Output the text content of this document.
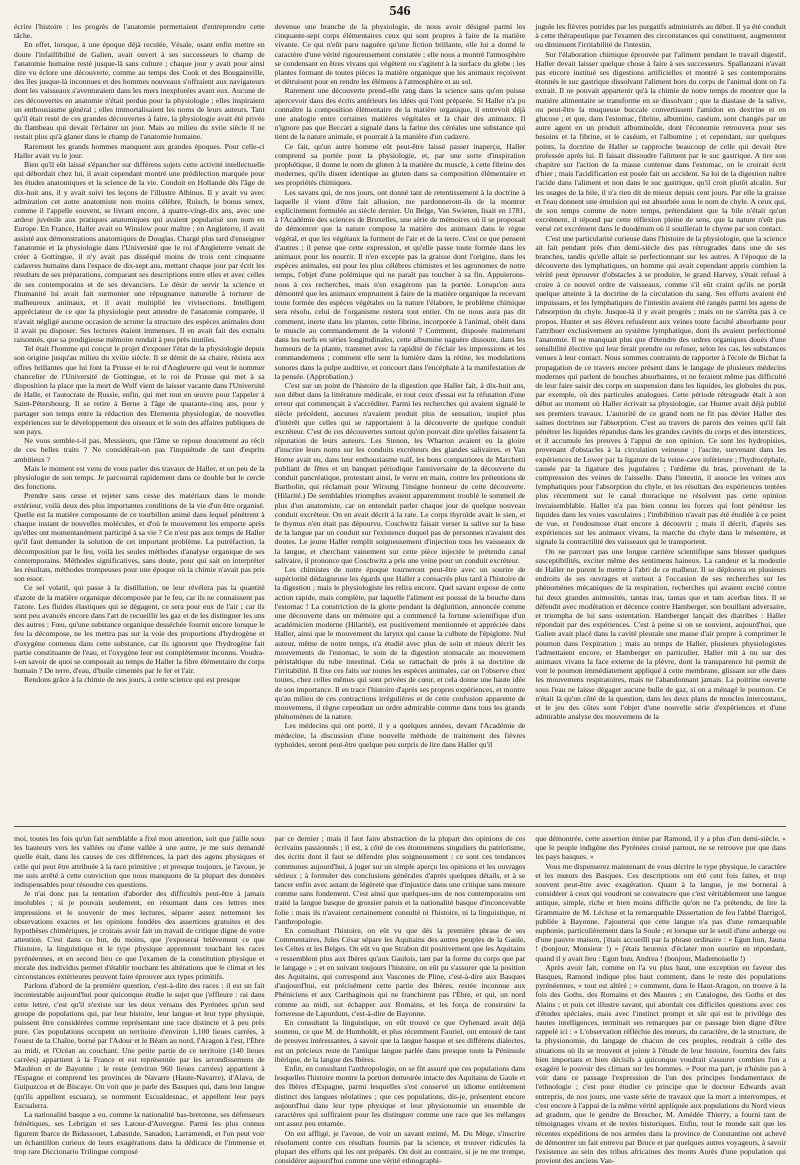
546

écrire l'histoire : les progrès de l'anatomie permettaient d'entreprendre cette tâche.

En effet, lorsque, à une époque déjà reculée, Vésale, osant enfin mettre en doute l'infaillibilité de Galien, avait ouvert à ses successeurs le champ de l'anatomie humaine resté jusque-là sans culture ; chaque jour y avait pour ainsi dire vu éclore une découverte, comme au temps des Cook et des Bougainville, des îles jusque-là inconnues et des hommes nouveaux s'offraient aux navigateurs dont les vaisseaux s'aventuraient dans les mers inexplorées avant eux. Aucune de ces découvertes en anatomie n'était perdue pour la physiologie ; elles inspiraient un enthousiasme général ; elles immortalisaient les noms de leurs auteurs. Tant qu'il était resté de ces grandes découvertes à faire, la physiologie avait été privée du flambeau qui devait l'éclairer un jour. Mais au milieu du xviie siècle il ne restait plus qu'à glaner dans le champ de l'anatomie humaine.

Rarement les grands hommes manquent aux grandes époques. Pour celle-ci Haller avait vu le jour.

Bien qu'il eût laissé s'épancher sur différens sujets cette activité intellectuelle qui débordait chez lui, il avait cependant montré une prédilection marquée pour les études anatomiques et la science de la vie. Conduit en Hollande dès l'âge de dix-huit ans, il y avait suivi les leçons de l'illustre Albinus. Il y avait vu avec admiration cet autre anatomiste non moins célèbre, Ruisch, le bonus senex, comme il l'appelle souvent, se livrant encore, à quatre-vingt-dix ans, avec une ardeur juvénile aux pratiques anatomiques qui avaient popularisé son nom en Europe. En France, Haller avait eu Winslow pour maître ; en Angleterre, il avait assisté aux démonstrations anatomiques de Douglas. Chargé plus tard d'enseigner l'anatomie et la physiologie dans l'Université que le roi d'Angleterre venait de créer à Gottingue, il n'y avait pas disséqué moins de trois cent cinquante cadavres humains dans l'espace de dix-sept ans, mettant chaque jour par écrit les résultats de ses préparations, comparant ses descriptions entre elles et avec celles de ses contemporains et de ses devanciers. Le désir de servir la science et l'humanité lui avait fait surmonter une répugnance naturelle à torturer de malheureux animaux, et il avait multiplié les vivisections. Intelligent appréciateur de ce que la physiologie peut attendre de l'anatomie comparée, il n'avait négligé aucune occasion de scruter la structure des espèces animales dont il avait pu disposer. Ses lectures étaient immenses. Il en avait fait des extraits raisonnés, que sa prodigieuse mémoire rendait à peu près inutiles.

Tel était l'homme qui conçut le projet d'exposer l'état de la physiologie depuis son origine jusqu'au milieu du xviiie siècle. Il se démit de sa chaire, résista aux offres brillantes que lui font la Prusse et le roi d'Angleterre qui veut le nommer chancelier de l'Université de Gottingue, et le roi de Prusse qui met à sa disposition la place que la mort de Wolf vient de laisser vacante dans l'Université de Halle, et l'autocrate de Russie, enfin, qui met tout en œuvre pour l'appeler à Saint-Pétersbourg. Il se retire à Berne à l'âge de quarante-cinq ans, pour y partager son temps entre la rédaction des Elementa physiologiæ, de nouvelles expériences sur le développement des oiseaux et le soin des affaires publiques de son pays.

Ne vous semble-t-il pas, Messieurs, que l'âme se repose doucement au récit de ces belles traits ? Ne considérait-on pas l'inquiétude de tant d'esprits ambitieux ?

Mais le moment est venu de vous parler des travaux de Haller, et un peu de la physiologie de son temps. Je parcourrai rapidement dans ce double but le cercle des fonctions.

Prendre sans cesse et rejeter sans cesse des matériaux dans le monde extérieur, voilà deux des plus importantes conditions de la vie d'un être organisé. Quelle est la matière composante de ce tourbillon animé dans lequel pénètrent à chaque instant de nouvelles molécules, et d'où le mouvement les emporte après qu'elles ont momentanément participé à sa vie ? Ce n'est pas aux temps de Haller qu'il faut demander la solution de cet important problème. La putréfaction, la décomposition par le feu, voilà les seules méthodes d'analyse organique de ses contemporains. Méthodes significatives, sans doute, pour qui sait en interpréter les résultats, méthodes trompeuses pour une époque où la chimie n'avait pas pris son essor.

Ce sel volatil, qui passe à la distillation, ne leur révélera pas la quantité d'azote de la matière organique décomposée par le feu, car ils ne connaissent pas l'azote. Les fluides élastiques qui se dégagent, ce sera pour eux de l'air ; car ils sont peu avancés encore dans l'art de recueillir les gaz et de les distinguer les uns des autres ; Fœu, qu'une substance organique desséchée fournit encore lorsque le feu la décompose, ne les mettra pas sur la voie des proportions d'hydrogène et d'oxygène contenus dans cette substance, car ils ignorent que l'hydrogène fait partie constituante de l'eau, et l'oxygène leur est complètement inconnu. Voudra-t-on savoir de quoi se composait au temps de Haller la fibre élémentaire du corps humain ? De terre, d'eau, d'huile cimentés par le fer et l'air.

Rendons grâce à la chimie de nos jours, à cette science qui est presque

devenue une branche de la physiologie, de nous avoir désigné parmi les cinquante-sept corps élémentaires ceux qui sont propres à faire de la matière vivante. Ce qui n'eût paru naguère qu'une fiction brillante, elle lui a donné le caractère d'une vérité rigoureusement constatée ; elle nous a montré l'atmosphère se condensant en êtres vivans qui végètent ou s'agitent à la surface du globe ; les plantes formant de toutes pièces la matière organique que les animaux reçoivent et détruisent pour en rendre les élémens à l'atmosphère et au sol.

Rarement une découverte prend-elle rang dans la science sans qu'on puisse apercevoir dans des écrits antérieurs les idées qui l'ont préparée. Si Haller n'a pu connaître la composition élémentaire de la matière organique, il entrevoit déjà une analogie entre certaines matières végétales et la chair des animaux. Il n'ignore pas que Beccari a signalé dans la farine des céréales une substance qui tient de la nature animale, et pourrait à la manière d'un cadavre.

Ce fait, qu'un autre homme eût peut-être laissé passer inaperçu, Haller comprend sa portée pour la physiologie, et, par une sorte d'inspiration prophétique, il donne le nom de gluten à la matière du muscle, à cette fibrine des modernes, qu'ils disent identique au gluten dans sa composition élémentaire et ses propriétés chimiques.

Les savans qui, de nos jours, ont donné tant de retentissement à la doctrine à laquelle il vient d'être fait allusion, me pardonneront-ils de la montrer explicitement formulée au siècle dernier. Un Belge, Van Swieten, lisait en 1781, à l'Académie des sciences de Bruxelles, une série de mémoires où il se proposait de démontrer que la nature compose la matière des animaux dans le règne végétal, et que les végétaux la forment de l'air et de la terre. C'est ce que pensent d'autres ; il pense que cette expression, et qu'elle passe toute formée dans les animaux pour les nourrir. Il n'en excepte pas la graisse dont l'origine, dans les espèces animales, est pour les plus célèbres chimistes et les agronomes de notre temps, l'objet d'une polémique qui ne paraît pas toucher à sa fin. Appuierons-nous à ces recherches, mais n'en exagérons pas la portée. Lorsqu'on aura démontré que les animaux empruntent à faire de la matière organique la recevant toute formée des espèces végétales ou la nature l'élabore, le problème chimique sera résolu, celui de l'organisme restera tout entier. On ne nous aura pas dit comment, inerte dans les plantes, cette fibrine, incorporée à l'animal, obéit dans le muscle au commandement de la volonté ? Comment, disposée maintenant dans les nerfs en séries longitudinales, cette albumine naguère dissoute, dans les humeurs de la plante, transmet avec la rapidité de l'éclair les impressions et les commandemens ; comment elle sent la lumière dans la rétine, les modulations sonores dans la pulpe auditive, et concourt dans l'encéphale à la manifestation de la pensée. (Approbation.)

C'est sur un point de l'histoire de la digestion que Haller fait, à dix-huit ans, son début dans la littérature médicale, et tout ceux d'essai est la réfutation d'une erreur qui commençait à s'accréditer. Parmi les recherches qui avaient signalé le siècle précédent, aucunes n'avaient produit plus de sensation, inspiré plus d'intérêt que celles qui se rapportaient à la découverte de quelque conduit excréteur. C'est de ces découvertes surtout qu'on pouvait dire qu'elles faisaient la réputation de leurs auteurs. Les Stenon, les Wharton avaient eu la gloire d'inscrire leurs noms sur les conduits excréteurs des glandes salivaires, et Van Horne avait eu, dans leur enthousiasme naïf, les bons compatriotes de Marchetti publiant de fêtes et un banquet périodique l'anniversaire de la découverte du conduit pancréatique, protestant ainsi, le verre en main, contre les prétentions de Bartholin, qui réclamait pour Wirsung l'insigne honneur de cette découverte. (Hilarité.) De semblables triomphes avaient apparemment troublé le sommeil de plus d'un anatomiste, car on entendait parler chaque jour de quelque nouveau conduit excréteur. On en avait décrit à la rate. Le corps thyroïde avait le sien, et le thymus n'en était pas dépourvu. Coschwitz faisait verser la salive sur la base de la langue par un conduit sur l'existence duquel pas de personnes n'avaient des doutes. Le jeune Haller remplit soigneusement d'injection tous les vaisseaux de la langue, et cherchant vainement sur cette pièce injectée le prétendu canal salivaire, il prononce que Coschwitz a pris une veine pour un conduit excréteur.

Les chimistes de notre époque tourneront peut-être avec un sourire de supériorité dédaigneuse les égards que Haller a consacrés plus tard à l'histoire de la digestion ; mais le physiologiste les relira encore. Quel savant expose de cette action rapide, mais complète, par laquelle l'aliment est poussé de la bouche dans l'estomac ! La constriction de la glotte pendant la déglutition, annoncée comme une découverte dans un mémoire qui a commencé la fortune scientifique d'un académicien moderne (Hilarité), est positivement mentionnée et appréciée dans Haller, ainsi que le mouvement du larynx qui cause la culbute de l'épiglotte. Nul auteur, même de notre temps, n'a étudié avec plus de soin et mieux décrit les mouvements de l'estomac, le soin de la digestion stomacale au mouvement péristaltique du tube intestinal. Cela se rattachait de près à sa doctrine de l'irritabilité. Il fixe ces faits sur toutes les espèces animales, car on l'observe chez toutes, chez celles mêmes qui sont privées de cœur, et cela donne une haute idée de son importance. Il en trace l'histoire d'après ses propres expériences, et montre qu'au milieu de ces contractions irrégulières et de cette confusion apparente de mouvemens, il règne cependant un ordre admirable comme dans tous les grands phénomènes de la nature.

Les médecins qui ont porté, il y a quelques années, devant l'Académie de médecine, la discussion d'une nouvelle méthode de traitement des fièvres typhoïdes, seront peut-être quelque peu surpris de lire dans Haller qu'il

jugule les fièvres putrides par les purgatifs administrés au début. Il ya été conduit à cette thérapeutique par l'examen des circonstances qui constituent, augmentent ou diminuent l'irritabilité de l'intestin.

Sur l'élaboration chimique éprouvée par l'aliment pendant le travail digestif, Haller devait laisser quelque chose à faire à ses successeurs. Spallanzani n'avait pas encore institué ses digestions artificielles et montré à ses contemporains étonnés le suc gastrique dissolvant l'aliment hors du corps de l'animal dont on l'a extrait. Il ne pouvait appartenir qu'à la chimie de notre temps de montrer que la matière alimentaire se transforme en se dissolvant ; que la diastase de la salive, ou peut-être la muqueuse buccale convertissent l'amidon en dextrine et en glucose ; et que, dans l'estomac, fibrine, albumine, caséum, sont changés par un autre agent en un produit albuminoïde, dont l'économie retrouvera pour ses besoins et la fibrine, et le caséum, et l'albumine ; et cependant, sur quelques points, la doctrine de Haller se rapproche beaucoup de celle qui devait être professée après lui. Il faisait dissoudre l'aliment par le suc gastrique. A tire son chapitre sur l'action de la masse contenue dans l'estomac, on le croirait écrit d'hier ; mais l'acidification est posée fait un accident. Sa loi de la digestion naître l'acide dans l'aliment et non dans le suc gastrique, qu'il croit plutôt alcalin. Sur les usages de la bile, il n'a rien dit de mieux depuis cent jours. Par elle la graisse et l'eau donnent une émulsion qui est absorbée sous le nom de chyle. A ceux qui, de son temps comme de notre temps, prétendaient que la bile n'était qu'un excrément, il répond par cette réflexion pleine de sens, que la nature n'eût pas versé cet excrément dans le duodénum où il souillerait le chyme par son contact.

C'est une particularité curieuse dans l'histoire de la physiologie, que la science ait fait pendant près d'un demi-siècle des pas rétrogrades dans une de ses branches, tandis qu'elle allait se perfectionnant sur les autres. A l'époque de la découverte des lymphatiques, un homme qui avait cependant appris combien la vérité peut éprouver d'obstacles à se produire, le grand Harvey, s'était refusé à croire à ce nouvel ordre de vaisseaux, comme s'il eût craint qu'ils ne portât quelque atteinte à la doctrine de la circulation du sang. Ses efforts avaient été impuissans, et les lymphatiques de l'intestin avaient été rangés parmi les agens de l'absorption du chyle. Jusque-là il y avait progrès ; mais on ne s'arrêta pas à ce propos. Hunter et ses élèves refusèrent aux veines toute faculté absorbante pour l'attribuer exclusivement au système lymphatique, dont ils avaient perfectionné l'anatomie. Il ne manquait plus que d'étendre des ordres organiques doués d'une sensibilité élective qui leur ferait prendre ou refuser, selon les cas, les substances venues à leur contact. Nous sommes contraints de rapporter à l'école de Bichat la propagation de ce travers encore présent dans le langage de plusieurs médecins modernes qui parlent de bouches absorbantes, et ne feraient même pas difficulté de leur faire saisir des corps en suspension dans les liquides, les globules du pus, par exemple, où des particules analogues. Cette période rétrograde était à son début au moment où Haller écrivait sa physiologie, car Hunter avait déjà publié ses premiers travaux. L'autorité de ce grand nom ne fit pas dévier Haller des saines doctrines sur l'absorption. C'est au travers de parois des veines qu'il fait pénétrer les liquides répandus dans les grandes cavités du corps et des interstices, et il accumule les preuves à l'appui de son opinion. Ce sont les hydropisies, provenant d'obstacles à la circulation veineuse ; l'ascite, survenant dans les expériences de Lower par la ligature de la veine-cave inférieure ; l'hydrocéphale, causée par la ligature des jugulaires ; l'œdème du bras, provenant de la compression des veines de l'aisselle. Dans l'intestin, il associe les veines aux lymphatiques pour l'absorption du chyle, et les résultats des expériences tentées plus récemment sur le canal thoracique ne résolvent pas cette opinion invraisemblable. Haller n'a pas bien connu les forces qui font pénétrer les liquides dans les voies vasculaires ; l'imbibition n'avait pas été étudiée à ce point de vue, et l'endosmose était encore à découvrir ; mais il décrit, d'après ses expériences sur les animaux vivans, la marche du chyle dans le mésentère, et signale la contractilité des vaisseaux qui le transportent.

On ne parcourt pas une longue carrière scientifique sans blesser quelques susceptibilités, exciter même des sentimens haineux. La candeur et la modestie de Haller ne purent le mettre à l'abri de ce malheur. Il se déplorera en plusieurs endroits de ses ouvrages et surtout à l'occasion de ses recherches sur les phénomènes mécaniques de la respiration, recherches qui avaient excité contre lui deux grandes animosités, tantas iras, tantas que et tam acerbas lites. Il se défendit avec modération et décence contre Hamberger, son bouillant adversaire, et triompha de lui sans ostentation. Hamberger lançait des diatribes : Haller répondait par des expériences. C'est à peine si on se souvient, aujourd'hui, que Galien avait placé dans la cavité pleurale une masse d'air propre à comprimer le poumon dans l'expiration ; mais au temps de Haller, plusieurs physiologistes l'admettaient encore, et Hamberger en particulier. Haller mit à nu sur des animaux vivans la face externe de la plèvre, dont la transparence lui permit de voir le poumon immédiatement appliqué à cette membrane, glissant sur elle dans les mouvemens respiratoires, mais ne l'abandonnant jamais. La poitrine ouverte sous l'eau ne laisse dégager aucune bulle de gaz, si on a ménagé le poumon. Ce n'était là qu'un côté de la question, dans les deux plans de muscles intercostaux, et le jeu des côtes sont l'objet d'une nouvelle série d'expériences et d'une admirable analyse des mouvemens de la

moi, toutes les fois qu'un fait semblable a fixé mon attention, soit que j'aille sous les hauteurs vers les vallées ou d'une vallée à une autre, je me suis demandé quelle était, dans les causes de ces différences, la part des agens physiques et celle qui peut être attribuée à la race primitive ; et presque toujours, je l'avoue, je me suis arrêté à cette conviction que nous manquons de la plupart des données indispensables pour résoudre ces questions.

Je n'ai donc pas la tentation d'aborder des difficultés peut-être à jamais insolubles ; si je pouvais seulement, en résumant dans ces lettres mes impressions et le souvenir de mes lectures, séparer assez nettement les observations exactes et les opinions fondées des assertions gratuites et des hypothèses chimériques, je croirais avoir fait un travail de critique digne de votre attention. C'est dans ce but, du moins, que j'exposerai brièvement ce que l'histoire, la linguistique et le type physique apprennent touchant les races pyrénéennes, et en second lieu ce que l'examen de la constitution physique et morale des individus permet d'établir touchant les altérations que le climat et les circonstances extérieures peuvent faire éprouver aux types primitifs.

Parlons d'abord de la première question, c'est-à-dire des races : il est un fait incontestable aujourd'hui pour quiconque étudie le sujet que j'effleure : rai dans cette lettre, c'est qu'il n'existe sur les deux versans des Pyrénées qu'un seul groupe de populations qui, par leur histoire, leur langue et leur type physique, puissent être considérées comme représentant une race distincte et à peu près pure. Ces populations occupent un territoire d'environ 1,100 lieues carrées, à l'ouest de la Chaîne, borné par l'Adour et le Béarn au nord, l'Aragon à l'est, l'Èbre au midi, et l'Océan au couchant. Une petite partie de ce territoire (140 lieues carrées) appartient à la France et est représentée par les arrondissemens de Mauléon et de Bayonne ; le reste (environ 960 lieues carrées) appartient à l'Espagne et comprend les provinces de Navarre (Haute-Navarre), d'Alava, de Guipuzcoa et de Biscaye. On voit que je parle des Basques qui, dans leur langue (qu'ils appellent escuara), se nomment Escualdesnac, et appellent leur pays Escualerra.

La nationalité basque a eu, comme la nationalité bas-bretonne, ses défenseurs frénétiques, ses Lebrigan et ses Latour-d'Auvergne. Parmi les plus connus figurent Ibarce de Bidassouet, Labastide, Sanadon, Larramendi, et l'on peut voir un échantillon curieux de leurs exagérations dans la dédicace de l'immense et trop rare Diccionario Trilingue composé

par ce dernier ; mais il faut faire abstraction de la plupart des opinions de ces écrivains passionnés ; il est, à côté de ces étonnemens singuliers du patriotisme, des écrits dont il faut se défendre plus soigneusement : ce sont ces tendances communes aujourd'hui, à juger sur un simple aperçu les opinions et les ouvrages sérieux ; à formuler des conclusions générales d'après quelques détails, et à se lancer enfin avec autant de légèreté que d'injustice dans une critique sans mesure comme sans fondement. C'est ainsi que quelques-uns de nos contemporains ont traité la langue basque de grossier patois et la nationalité basque d'inconcevable folie : mais ils n'avaient certainement consulté ni l'histoire, ni la linguistique, ni l'anthropologie.

En consultant l'histoire, on eût vu que dès la première phrase de ses Commentaires, Jules César sépare les Aquitains des autres peuples de la Gaule, les Celtes et les Belges. On eût vu que Strabon dit positivement que les Aquitains « ressemblent plus aux Ibères qu'aux Gaulois, tant par la forme du corps que par le langage » ; et en suivant toujours l'histoire, on eût pu s'assurer que la position des Aquitains, qui correspond aux Vascones de Pline, c'est-à-dire aux Basques d'aujourd'hui, est précisément cette partie des Ibères, restée inconnue aux Phéniciens et aux Carthaginois qui ne franchirent pas l'Èbre, et qui, un nord comme au midi, sut échapper aux Romains, et les força de construire la forteresse de Lapurdum, c'est-à-dire de Bayonne.

En consultant la linguistique, on eût trouvé ce que Oyhenard avait déjà soutenu, ce que M. de Humboldt, et plus récemment Fauriel, ont entouré de tant de preuves intéressantes, à savoir que la langue basque et ses différens dialectes, est un précieux reste de l'antique langue parlée dans presque toute la Péninsule ibérique, de la langue des Ibères.

Enfin, en consultant l'anthropologie, on se fût assuré que ces populations dans lesquelles l'histoire montre la portion demeurée intacte des Aquitains de Gaule et des Ibères d'Espagne, parmi lesquelles s'est conservé un idiome entièrement distinct des langues néolatines ; que ces populations, dis-je, présentent encore aujourd'hui dans leur type physique et leur physionomie un ensemble de caractères qui suffiraient pour les distinguer comme une race que les mélanges ont assez peu entamée.

On est affligé, je l'avoue, de voir un savant estimé, M. Du Mège, s'inscrire résolument contre ces résultats fournis par la science, et trouver ridicules la plupart des efforts qui les ont préparés. On doit au contraire, si je ne me trompe, considérer aujourd'hui comme une vérité ethnographi-

que démontrée, cette assertion émise par Ramond, il y a plus d'un demi-siècle, « que le peuple indigène des Pyrénées croisé partout, ne se retrouve pur que dans les pays basques. »

Vous me dispenserez maintenant de vous décrire le type physique, le caractère et les mœurs des Basques. Ces descriptions ont été cent fois faites, et trop souvent peut-être avec exagération. Quant à la langue, je me bornerai à considérer à ceux qui voudront se convaincre que c'est véritablement une langue antique, simple, riche et bien moins difficile qu'on ne l'a prétendu, de lire la Grammaire de M. Lécluse et la remarquable Dissertation de feu l'abbé Darrigol, publiée à Bayonne. J'ajouterai que cette langue n'a pas d'une remarquable euphonie, particulièrement dans la Soule ; et lorsque sur le seuil d'une auberge ou d'une pauvre maison, j'étais accueilli par la phrase ordinaire : « Egun hun, Jauna ! (bonjour, Monsieur !) » j'étais heureux d'éclater mon sourire en répondant, quand il y avait lieu : Egun hun, Andrea ! (bonjour, Mademoiselle !)

Après avoir fait, comme on l'a vu plus haut, une exception en faveur des Basques, Ramond indique plus haut comment, dans le reste des populations pyrénéennes, « tout est altéré ; » comment, dans le Haut-Aragon, on trouve à la fois des Goths, des Romains et des Maures ; en Catalogne, des Goths et des Alains ; et puis cet illustre savant, qui abordait ces difficiles questions avec ces d'études spéciales, mais avec l'instinct prompt et sûr qui est le privilège des hautes intelligences, terminait ses remarques par ce passage bien digne d'être rappelé ici : « L'observation réfléchie des mœurs, du caractère, de la structure, de la physionomie, du langage de chacun de ces peuples, rendrait à celle des situations où ils se trouvent et jointe à l'étude de leur histoire, fournira des faits bien importans et bien décisifs à quiconque voudrait s'assurer combien l'on a exagéré le pouvoir des climats sur les hommes. » Pour ma part, je n'hésite pas à voir dans ce passage l'expression de l'un des principes fondamentaux de l'ethnologie ; c'est pour étudier ce principe que le docteur Edwards avait entrepris, de nos jours, une vaste série de travaux que la mort a interrompus, et c'est encore à l'appui de la même vérité appliquée aux populations du Nord vieux ad gradum, que le gendre de Brescher, M. Amédée Thierry, a fourni tant de témoignages vivans et de textes historiques. Enfin, tout le monde sait que les récentes expéditions de nos armées dans la province de Constantine ont achevé de démontrer un fait entrevu par Bruce et par quelques autres voyageurs, à savoir l'existence au sein des tribus africaines des monts Aurès d'une population qui provient des anciens Van-
